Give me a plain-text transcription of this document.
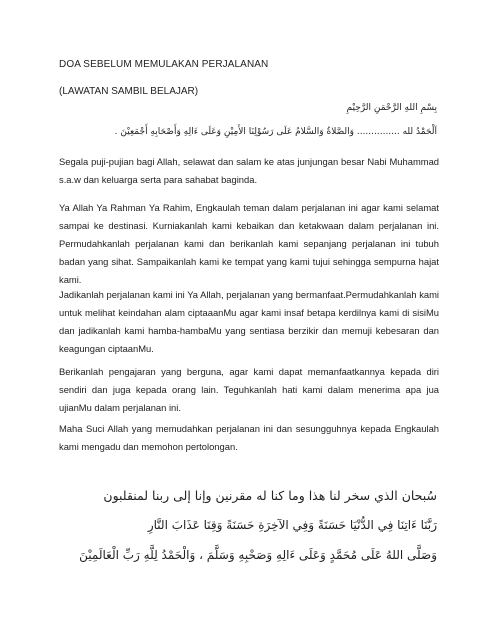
DOA SEBELUM MEMULAKAN PERJALANAN
(LAWATAN SAMBIL BELAJAR)
بِسْمِ اللهِ الرَّحْمَنِ الرَّحِيْمِ
اَلْحَمْدُ لله ............... وَالصَّلاةُ وَالسَّلامُ عَلَى رَسُوْلِنَا الأَمِيْنِ وَعَلَى ءَالِهِ وَأَصْحَابِهِ أَجْمَعِيْنَ .

Segala puji-pujian bagi Allah, selawat dan salam ke atas junjungan besar Nabi Muhammad s.a.w dan keluarga serta para sahabat baginda.

Ya Allah Ya Rahman Ya Rahim, Engkaulah teman dalam perjalanan ini agar kami selamat sampai ke destinasi. Kurniakanlah kami kebaikan dan ketakwaan dalam perjalanan ini. Permudahkanlah perjalanan kami dan berikanlah kami sepanjang perjalanan ini tubuh badan yang sihat. Sampaikanlah kami ke tempat yang kami tujui sehingga sempurna hajat kami.

Jadikanlah perjalanan kami ini Ya Allah, perjalanan yang bermanfaat.Permudahkanlah kami untuk melihat keindahan alam ciptaaanMu agar kami insaf betapa kerdilnya kami di sisiMu dan jadikanlah kami hamba-hambaMu yang sentiasa berzikir dan memuji kebesaran dan keagungan ciptaanMu.

Berikanlah pengajaran yang berguna, agar kami dapat memanfaatkannya kepada diri sendiri dan juga kepada orang lain. Teguhkanlah hati kami dalam menerima apa jua ujianMu dalam perjalanan ini.

Maha Suci Allah yang memudahkan perjalanan ini dan sesungguhnya kepada Engkaulah kami mengadu dan memohon pertolongan.

سُبحان الذي سخر لنا هذا وما كنا له مقرنين وإنا إلى ربنا لمنقلبون
رَبَّنَا ءَاتِنَا فِي الدُّنْيَا حَسَنَةً وَفِي الآخِرَةِ حَسَنَةً وَقِنَا عَذَابَ النَّارِ
وَصَلَّى اللهُ عَلَى مُحَمَّدٍ وَعَلَى ءَالِهِ وَصَحْبِهِ وَسَلَّمَ ، وَالْحَمْدُ لِلَّهِ رَبِّ الْعَالَمِيْنَ
